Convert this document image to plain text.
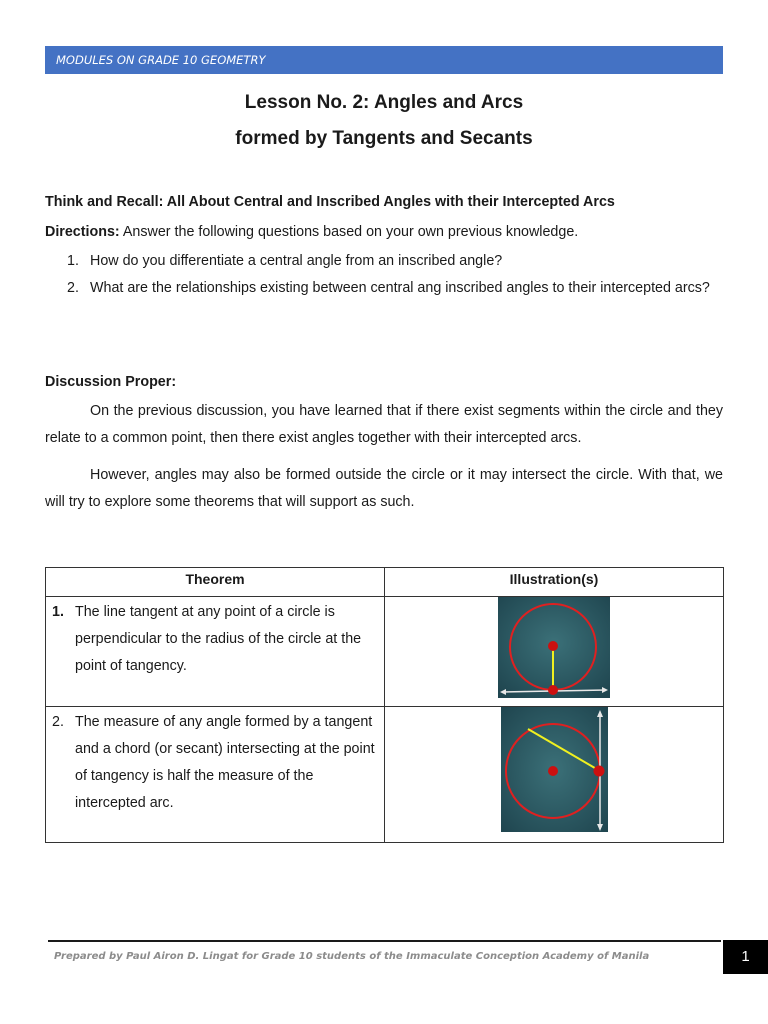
MODULES ON GRADE 10 GEOMETRY
Lesson No. 2: Angles and Arcs
formed by Tangents and Secants
Think and Recall: All About Central and Inscribed Angles with their Intercepted Arcs
Directions: Answer the following questions based on your own previous knowledge.
1. How do you differentiate a central angle from an inscribed angle?
2. What are the relationships existing between central ang inscribed angles to their intercepted arcs?
Discussion Proper:
On the previous discussion, you have learned that if there exist segments within the circle and they relate to a common point, then there exist angles together with their intercepted arcs.
However, angles may also be formed outside the circle or it may intersect the circle. With that, we will try to explore some theorems that will support as such.
Theorem	Illustration(s)

1. The line tangent at any point of a circle is perpendicular to the radius of the circle at the point of tangency.

2. The measure of any angle formed by a tangent and a chord (or secant) intersecting at the point of tangency is half the measure of the intercepted arc.

Prepared by Paul Airon D. Lingat for Grade 10 students of the Immaculate Conception Academy of Manila	1
